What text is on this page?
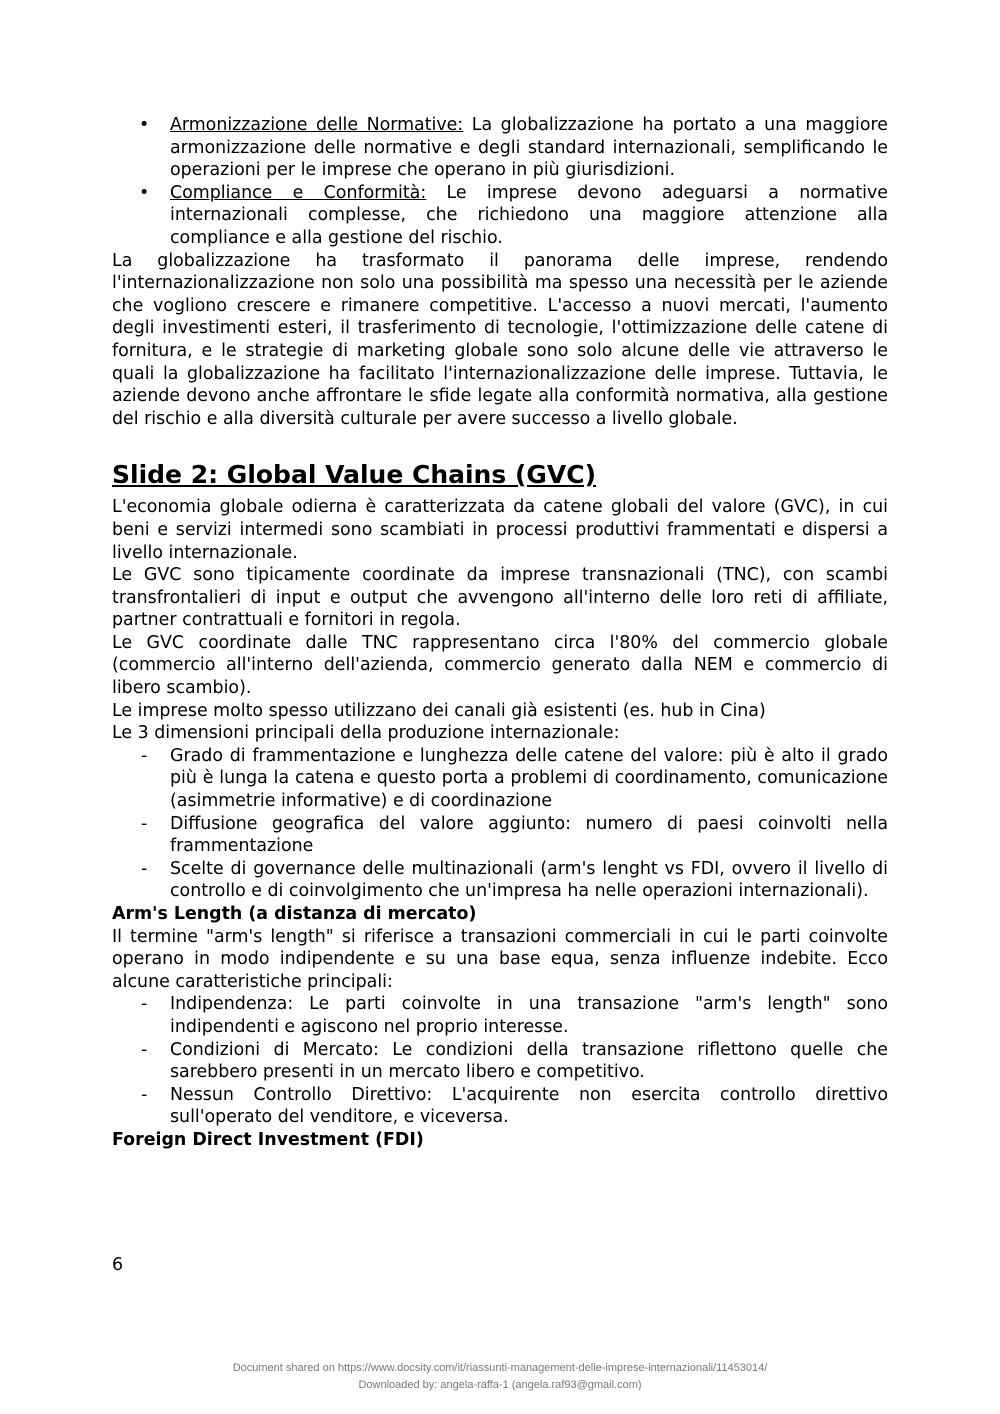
• Armonizzazione delle Normative: La globalizzazione ha portato a una maggiore armonizzazione delle normative e degli standard internazionali, semplificando le operazioni per le imprese che operano in più giurisdizioni.
• Compliance e Conformità: Le imprese devono adeguarsi a normative internazionali complesse, che richiedono una maggiore attenzione alla compliance e alla gestione del rischio.

La globalizzazione ha trasformato il panorama delle imprese, rendendo l'internazionalizzazione non solo una possibilità ma spesso una necessità per le aziende che vogliono crescere e rimanere competitive. L'accesso a nuovi mercati, l'aumento degli investimenti esteri, il trasferimento di tecnologie, l'ottimizzazione delle catene di fornitura, e le strategie di marketing globale sono solo alcune delle vie attraverso le quali la globalizzazione ha facilitato l'internazionalizzazione delle imprese. Tuttavia, le aziende devono anche affrontare le sfide legate alla conformità normativa, alla gestione del rischio e alla diversità culturale per avere successo a livello globale.

Slide 2: Global Value Chains (GVC)

L'economia globale odierna è caratterizzata da catene globali del valore (GVC), in cui beni e servizi intermedi sono scambiati in processi produttivi frammentati e dispersi a livello internazionale.

Le GVC sono tipicamente coordinate da imprese transnazionali (TNC), con scambi transfrontalieri di input e output che avvengono all'interno delle loro reti di affiliate, partner contrattuali e fornitori in regola.

Le GVC coordinate dalle TNC rappresentano circa l'80% del commercio globale (commercio all'interno dell'azienda, commercio generato dalla NEM e commercio di libero scambio).

Le imprese molto spesso utilizzano dei canali già esistenti (es. hub in Cina)

Le 3 dimensioni principali della produzione internazionale:

- Grado di frammentazione e lunghezza delle catene del valore: più è alto il grado più è lunga la catena e questo porta a problemi di coordinamento, comunicazione (asimmetrie informative) e di coordinazione
- Diffusione geografica del valore aggiunto: numero di paesi coinvolti nella frammentazione
- Scelte di governance delle multinazionali (arm's lenght vs FDI, ovvero il livello di controllo e di coinvolgimento che un'impresa ha nelle operazioni internazionali).
Arm's Length (a distanza di mercato)

Il termine "arm's length" si riferisce a transazioni commerciali in cui le parti coinvolte operano in modo indipendente e su una base equa, senza influenze indebite. Ecco alcune caratteristiche principali:

- Indipendenza: Le parti coinvolte in una transazione "arm's length" sono indipendenti e agiscono nel proprio interesse.
- Condizioni di Mercato: Le condizioni della transazione riflettono quelle che sarebbero presenti in un mercato libero e competitivo.
- Nessun Controllo Direttivo: L'acquirente non esercita controllo direttivo sull'operato del venditore, e viceversa.
Foreign Direct Investment (FDI)
6
Document shared on https://www.docsity.com/it/riassunti-management-delle-imprese-internazionali/11453014/
Downloaded by: angela-raffa-1 (angela.raf93@gmail.com)
